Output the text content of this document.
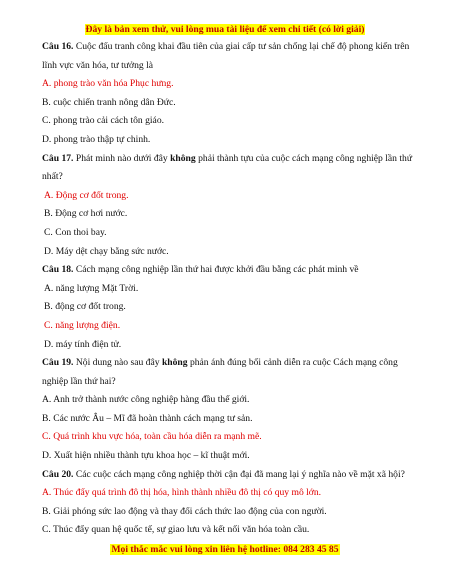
Đây là bản xem thử, vui lòng mua tài liệu để xem chi tiết (có lời giải)

Câu 16. Cuộc đấu tranh công khai đầu tiên của giai cấp tư sản chống lại chế độ phong kiến trên lĩnh vực văn hóa, tư tưởng là

A. phong trào văn hóa Phục hưng.

B. cuộc chiến tranh nông dân Đức.

C. phong trào cải cách tôn giáo.

D. phong trào thập tự chinh.

Câu 17. Phát minh nào dưới đây không phải thành tựu của cuộc cách mạng công nghiệp lần thứ nhất?

A. Động cơ đốt trong.

B. Động cơ hơi nước.

C. Con thoi bay.

D. Máy dệt chạy bằng sức nước.

Câu 18. Cách mạng công nghiệp lần thứ hai được khởi đầu bằng các phát minh về

A. năng lượng Mặt Trời.

B. động cơ đốt trong.

C. năng lượng điện.

D. máy tính điện tử.

Câu 19. Nội dung nào sau đây không phản ánh đúng bối cảnh diễn ra cuộc Cách mạng công nghiệp lần thứ hai?

A. Anh trở thành nước công nghiệp hàng đầu thế giới.

B. Các nước Âu – Mĩ đã hoàn thành cách mạng tư sản.

C. Quá trình khu vực hóa, toàn cầu hóa diễn ra mạnh mẽ.

D. Xuất hiện nhiều thành tựu khoa học – kĩ thuật mới.

Câu 20. Các cuộc cách mạng công nghiệp thời cận đại đã mang lại ý nghĩa nào về mặt xã hội?

A. Thúc đẩy quá trình đô thị hóa, hình thành nhiều đô thị có quy mô lớn.

B. Giải phóng sức lao động và thay đổi cách thức lao động của con người.

C. Thúc đẩy quan hệ quốc tế, sự giao lưu và kết nối văn hóa toàn cầu.

Mọi thắc mắc vui lòng xin liên hệ hotline: 084 283 45 85
